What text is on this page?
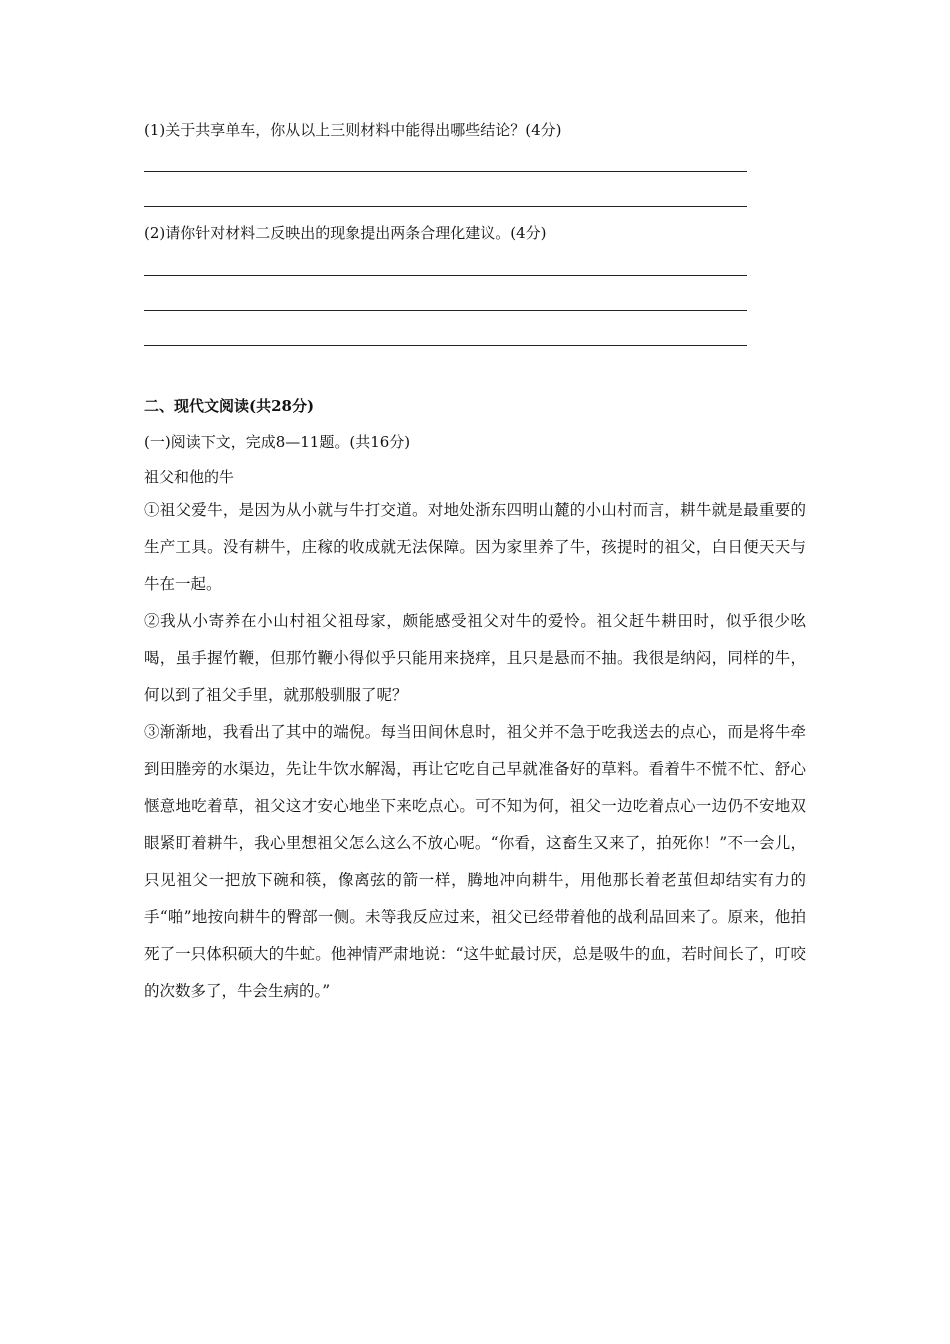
(1)关于共享单车，你从以上三则材料中能得出哪些结论？(4分)
(2)请你针对材料二反映出的现象提出两条合理化建议。(4分)
二、现代文阅读(共28分)
(一)阅读下文，完成8—11题。(共16分)
祖父和他的牛

①祖父爱牛，是因为从小就与牛打交道。对地处浙东四明山麓的小山村而言，耕牛就是最重要的生产工具。没有耕牛，庄稼的收成就无法保障。因为家里养了牛，孩提时的祖父，白日便天天与牛在一起。

②我从小寄养在小山村祖父祖母家，颇能感受祖父对牛的爱怜。祖父赶牛耕田时，似乎很少吆喝，虽手握竹鞭，但那竹鞭小得似乎只能用来挠痒，且只是悬而不抽。我很是纳闷，同样的牛，何以到了祖父手里，就那般驯服了呢？

③渐渐地，我看出了其中的端倪。每当田间休息时，祖父并不急于吃我送去的点心，而是将牛牵到田塍旁的水渠边，先让牛饮水解渴，再让它吃自己早就准备好的草料。看着牛不慌不忙、舒心惬意地吃着草，祖父这才安心地坐下来吃点心。可不知为何，祖父一边吃着点心一边仍不安地双眼紧盯着耕牛，我心里想祖父怎么这么不放心呢。“你看，这畜生又来了，拍死你！”不一会儿，只见祖父一把放下碗和筷，像离弦的箭一样，腾地冲向耕牛，用他那长着老茧但却结实有力的手“啪”地按向耕牛的臀部一侧。未等我反应过来，祖父已经带着他的战利品回来了。原来，他拍死了一只体积硕大的牛虻。他神情严肃地说：“这牛虻最讨厌，总是吸牛的血，若时间长了，叮咬的次数多了，牛会生病的。”
